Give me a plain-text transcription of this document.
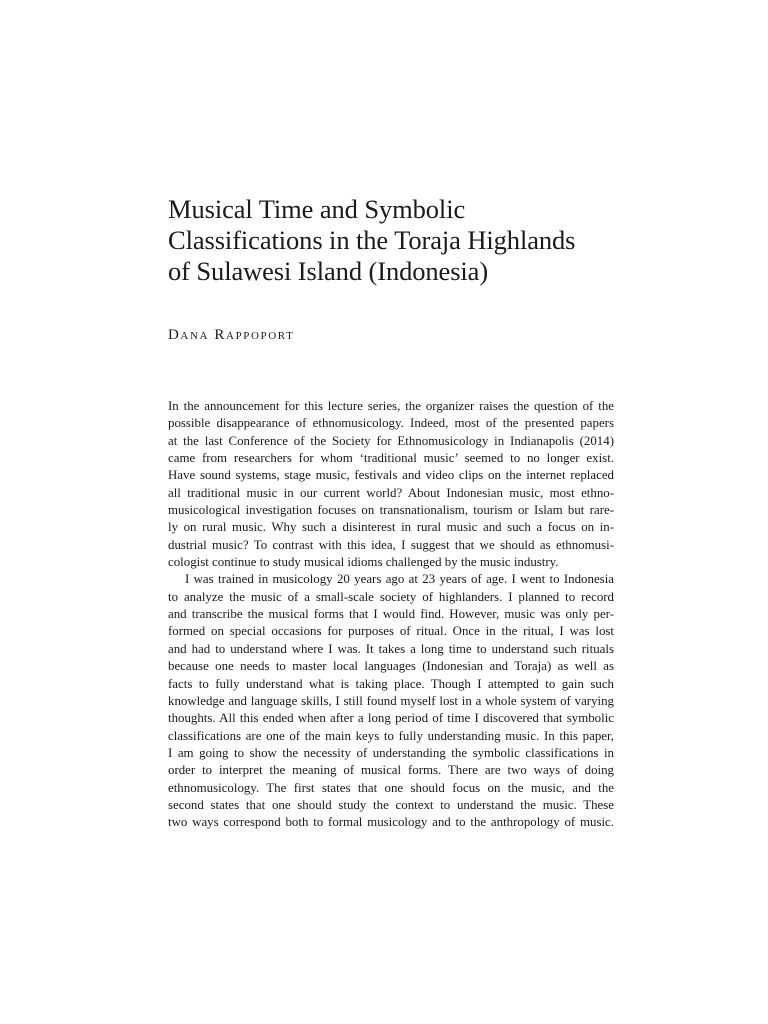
Musical Time and Symbolic
Classifications in the Toraja Highlands
of Sulawesi Island (Indonesia)
Dana Rappoport
In the announcement for this lecture series, the organizer raises the question of the
possible disappearance of ethnomusicology. Indeed, most of the presented papers
at the last Conference of the Society for Ethnomusicology in Indianapolis (2014)
came from researchers for whom ‘traditional music’ seemed to no longer exist.
Have sound systems, stage music, festivals and video clips on the internet replaced
all traditional music in our current world? About Indonesian music, most ethno-
musicological investigation focuses on transnationalism, tourism or Islam but rare-
ly on rural music. Why such a disinterest in rural music and such a focus on in-
dustrial music? To contrast with this idea, I suggest that we should as ethnomusi-
cologist continue to study musical idioms challenged by the music industry.
I was trained in musicology 20 years ago at 23 years of age. I went to Indonesia
to analyze the music of a small-scale society of highlanders. I planned to record
and transcribe the musical forms that I would find. However, music was only per-
formed on special occasions for purposes of ritual. Once in the ritual, I was lost
and had to understand where I was. It takes a long time to understand such rituals
because one needs to master local languages (Indonesian and Toraja) as well as
facts to fully understand what is taking place. Though I attempted to gain such
knowledge and language skills, I still found myself lost in a whole system of varying
thoughts. All this ended when after a long period of time I discovered that symbolic
classifications are one of the main keys to fully understanding music. In this paper,
I am going to show the necessity of understanding the symbolic classifications in
order to interpret the meaning of musical forms. There are two ways of doing
ethnomusicology. The first states that one should focus on the music, and the
second states that one should study the context to understand the music. These
two ways correspond both to formal musicology and to the anthropology of music.
